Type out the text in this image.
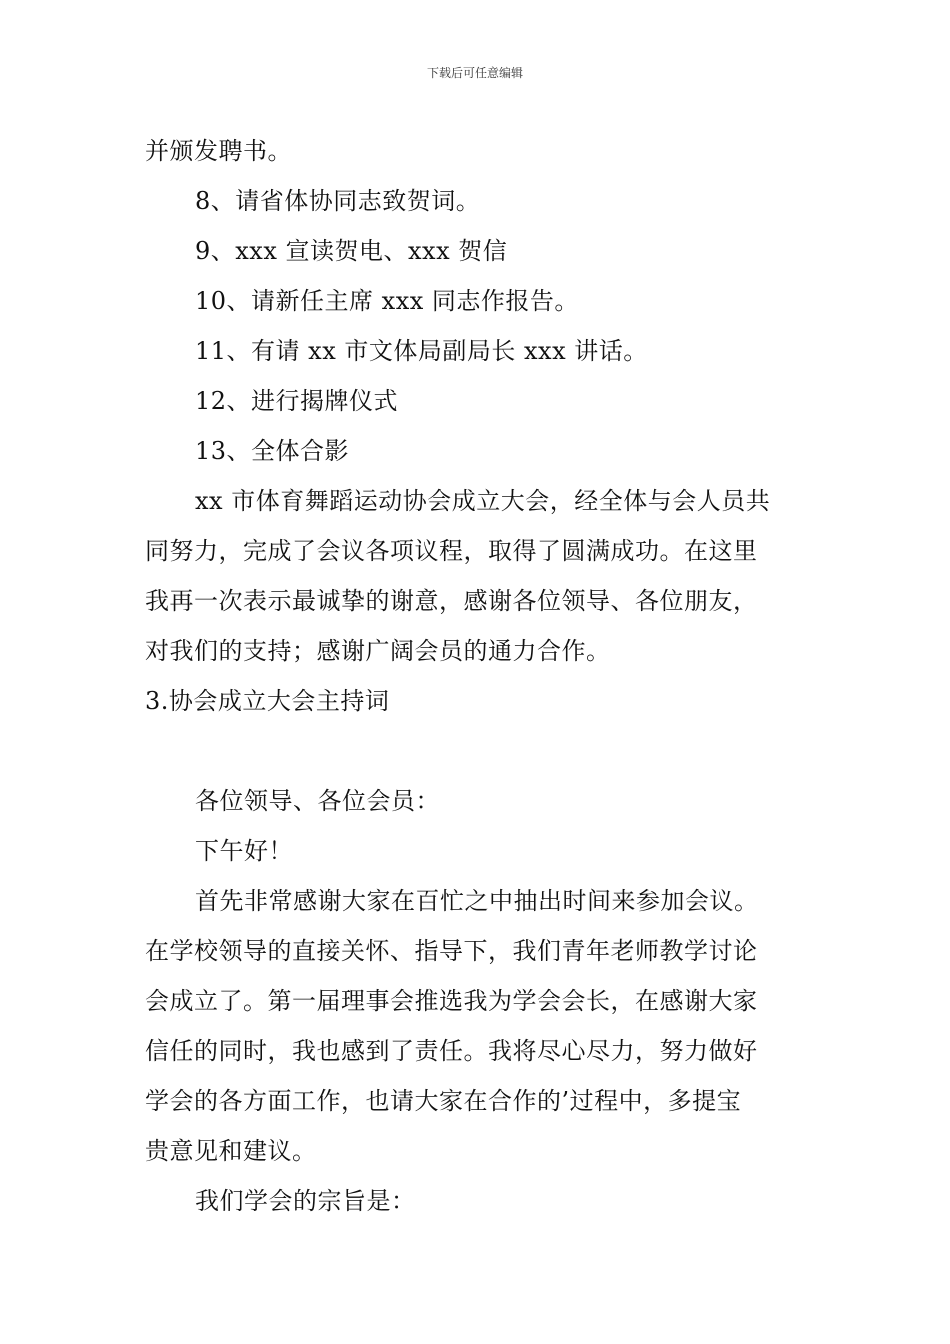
下载后可任意编辑
并颁发聘书。
8、请省体协同志致贺词。
9、xxx 宣读贺电、xxx 贺信
10、请新任主席 xxx 同志作报告。
11、有请 xx 市文体局副局长 xxx 讲话。
12、进行揭牌仪式
13、全体合影
xx 市体育舞蹈运动协会成立大会，经全体与会人员共
同努力，完成了会议各项议程，取得了圆满成功。在这里
我再一次表示最诚挚的谢意，感谢各位领导、各位朋友，
对我们的支持；感谢广阔会员的通力合作。
3.协会成立大会主持词
各位领导、各位会员：
下午好！
首先非常感谢大家在百忙之中抽出时间来参加会议。
在学校领导的直接关怀、指导下，我们青年老师教学讨论
会成立了。第一届理事会推选我为学会会长，在感谢大家
信任的同时，我也感到了责任。我将尽心尽力，努力做好
学会的各方面工作，也请大家在合作的’过程中，多提宝
贵意见和建议。
我们学会的宗旨是：
